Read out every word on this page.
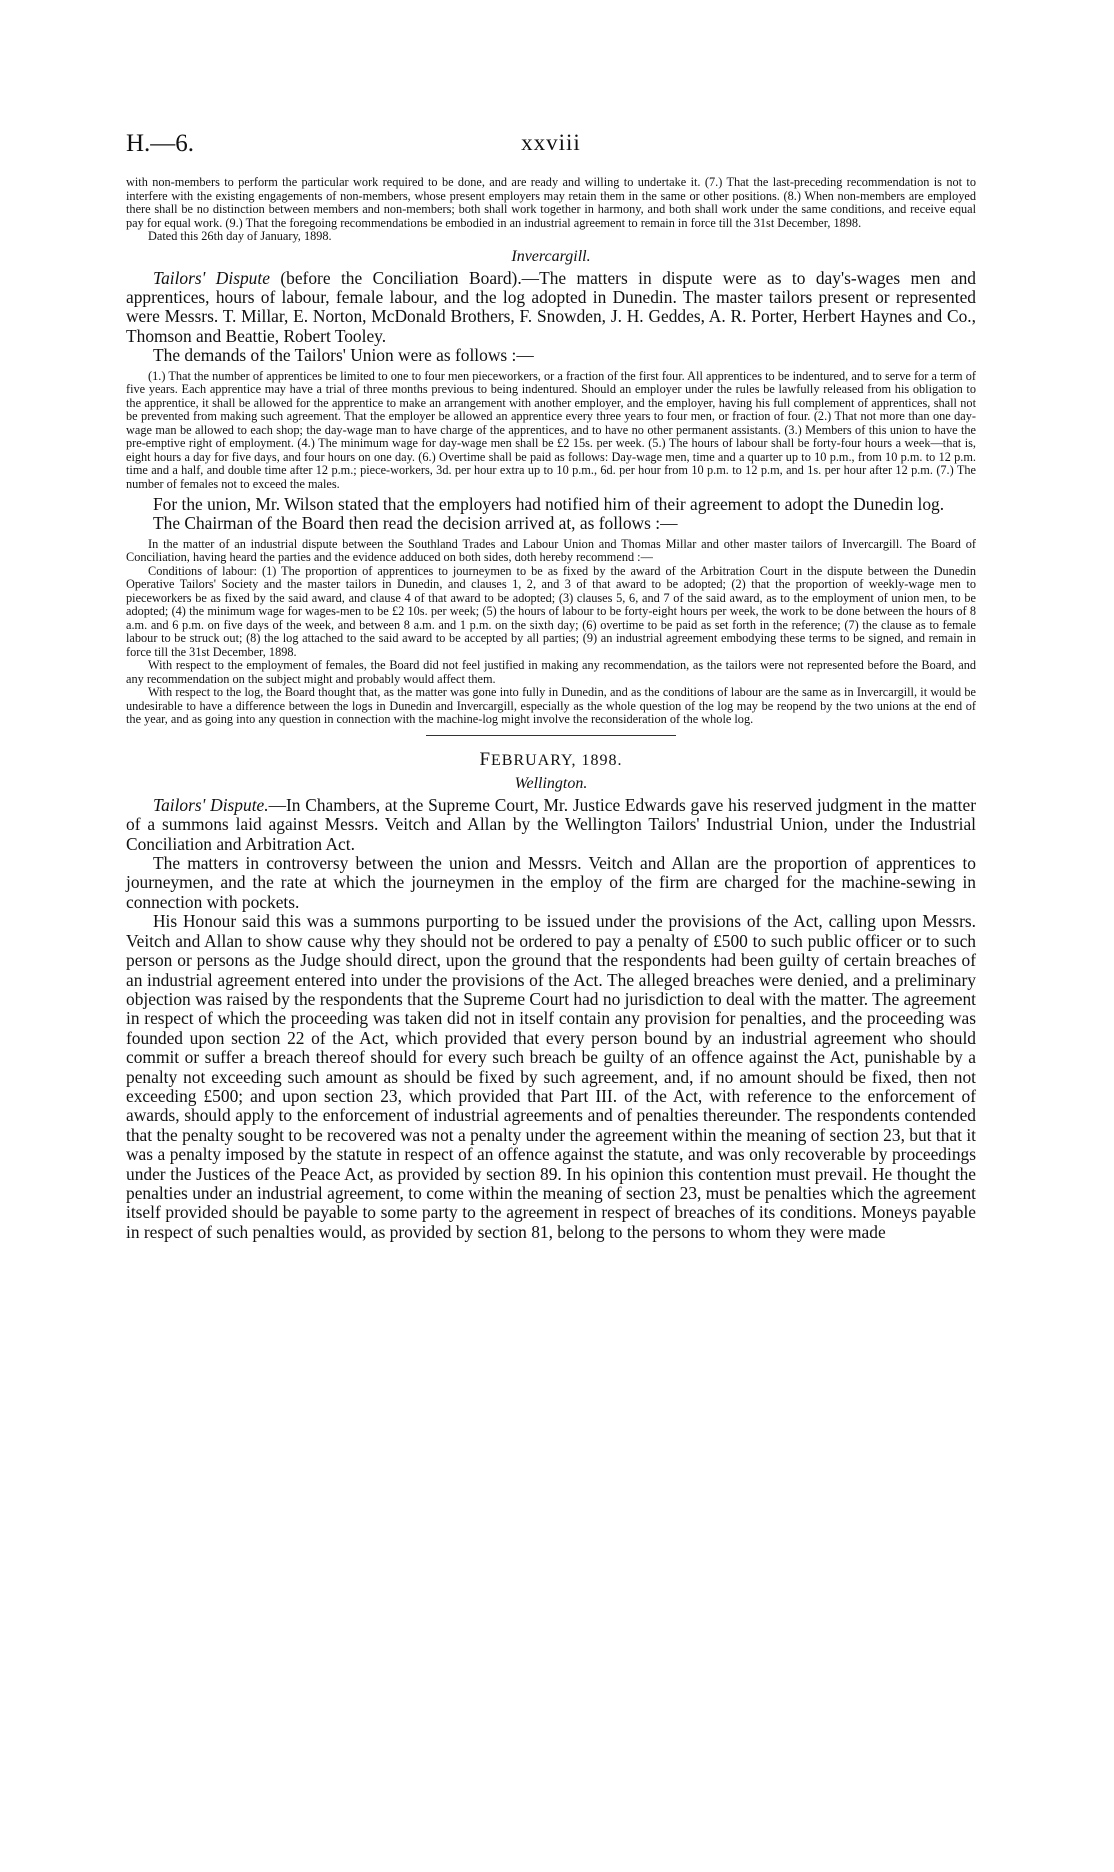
H.—6.	xxviii

with non-members to perform the particular work required to be done, and are ready and willing to undertake it. (7.) That the last-preceding recommendation is not to interfere with the existing engagements of non-members, whose present employers may retain them in the same or other positions. (8.) When non-members are employed there shall be no distinction between members and non-members; both shall work together in harmony, and both shall work under the same conditions, and receive equal pay for equal work. (9.) That the foregoing recommendations be embodied in an industrial agreement to remain in force till the 31st December, 1898.

Dated this 26th day of January, 1898.

Invercargill.

Tailors' Dispute (before the Conciliation Board).—The matters in dispute were as to day's-wages men and apprentices, hours of labour, female labour, and the log adopted in Dunedin. The master tailors present or represented were Messrs. T. Millar, E. Norton, McDonald Brothers, F. Snowden, J. H. Geddes, A. R. Porter, Herbert Haynes and Co., Thomson and Beattie, Robert Tooley.

The demands of the Tailors' Union were as follows :—

(1.) That the number of apprentices be limited to one to four men pieceworkers, or a fraction of the first four. All apprentices to be indentured, and to serve for a term of five years. Each apprentice may have a trial of three months previous to being indentured. Should an employer under the rules be lawfully released from his obligation to the apprentice, it shall be allowed for the apprentice to make an arrangement with another employer, and the employer, having his full complement of apprentices, shall not be prevented from making such agreement. That the employer be allowed an apprentice every three years to four men, or fraction of four. (2.) That not more than one day-wage man be allowed to each shop; the day-wage man to have charge of the apprentices, and to have no other permanent assistants. (3.) Members of this union to have the pre-emptive right of employment. (4.) The minimum wage for day-wage men shall be £2 15s. per week. (5.) The hours of labour shall be forty-four hours a week—that is, eight hours a day for five days, and four hours on one day. (6.) Overtime shall be paid as follows: Day-wage men, time and a quarter up to 10 p.m., from 10 p.m. to 12 p.m. time and a half, and double time after 12 p.m.; piece-workers, 3d. per hour extra up to 10 p.m., 6d. per hour from 10 p.m. to 12 p.m, and 1s. per hour after 12 p.m. (7.) The number of females not to exceed the males.

For the union, Mr. Wilson stated that the employers had notified him of their agreement to adopt the Dunedin log.

The Chairman of the Board then read the decision arrived at, as follows :—

In the matter of an industrial dispute between the Southland Trades and Labour Union and Thomas Millar and other master tailors of Invercargill. The Board of Conciliation, having heard the parties and the evidence adduced on both sides, doth hereby recommend :—

Conditions of labour: (1) The proportion of apprentices to journeymen to be as fixed by the award of the Arbitration Court in the dispute between the Dunedin Operative Tailors' Society and the master tailors in Dunedin, and clauses 1, 2, and 3 of that award to be adopted; (2) that the proportion of weekly-wage men to pieceworkers be as fixed by the said award, and clause 4 of that award to be adopted; (3) clauses 5, 6, and 7 of the said award, as to the employment of union men, to be adopted; (4) the minimum wage for wages-men to be £2 10s. per week; (5) the hours of labour to be forty-eight hours per week, the work to be done between the hours of 8 a.m. and 6 p.m. on five days of the week, and between 8 a.m. and 1 p.m. on the sixth day; (6) overtime to be paid as set forth in the reference; (7) the clause as to female labour to be struck out; (8) the log attached to the said award to be accepted by all parties; (9) an industrial agreement embodying these terms to be signed, and remain in force till the 31st December, 1898.

With respect to the employment of females, the Board did not feel justified in making any recommendation, as the tailors were not represented before the Board, and any recommendation on the subject might and probably would affect them.

With respect to the log, the Board thought that, as the matter was gone into fully in Dunedin, and as the conditions of labour are the same as in Invercargill, it would be undesirable to have a difference between the logs in Dunedin and Invercargill, especially as the whole question of the log may be reopend by the two unions at the end of the year, and as going into any question in connection with the machine-log might involve the reconsideration of the whole log.

FEBRUARY, 1898.
Wellington.

Tailors' Dispute.—In Chambers, at the Supreme Court, Mr. Justice Edwards gave his reserved judgment in the matter of a summons laid against Messrs. Veitch and Allan by the Wellington Tailors' Industrial Union, under the Industrial Conciliation and Arbitration Act.

The matters in controversy between the union and Messrs. Veitch and Allan are the proportion of apprentices to journeymen, and the rate at which the journeymen in the employ of the firm are charged for the machine-sewing in connection with pockets.

His Honour said this was a summons purporting to be issued under the provisions of the Act, calling upon Messrs. Veitch and Allan to show cause why they should not be ordered to pay a penalty of £500 to such public officer or to such person or persons as the Judge should direct, upon the ground that the respondents had been guilty of certain breaches of an industrial agreement entered into under the provisions of the Act. The alleged breaches were denied, and a preliminary objection was raised by the respondents that the Supreme Court had no jurisdiction to deal with the matter. The agreement in respect of which the proceeding was taken did not in itself contain any provision for penalties, and the proceeding was founded upon section 22 of the Act, which provided that every person bound by an industrial agreement who should commit or suffer a breach thereof should for every such breach be guilty of an offence against the Act, punishable by a penalty not exceeding such amount as should be fixed by such agreement, and, if no amount should be fixed, then not exceeding £500; and upon section 23, which provided that Part III. of the Act, with reference to the enforcement of awards, should apply to the enforcement of industrial agreements and of penalties thereunder. The respondents contended that the penalty sought to be recovered was not a penalty under the agreement within the meaning of section 23, but that it was a penalty imposed by the statute in respect of an offence against the statute, and was only recoverable by proceedings under the Justices of the Peace Act, as provided by section 89. In his opinion this contention must prevail. He thought the penalties under an industrial agreement, to come within the meaning of section 23, must be penalties which the agreement itself provided should be payable to some party to the agreement in respect of breaches of its conditions. Moneys payable in respect of such penalties would, as provided by section 81, belong to the persons to whom they were made
